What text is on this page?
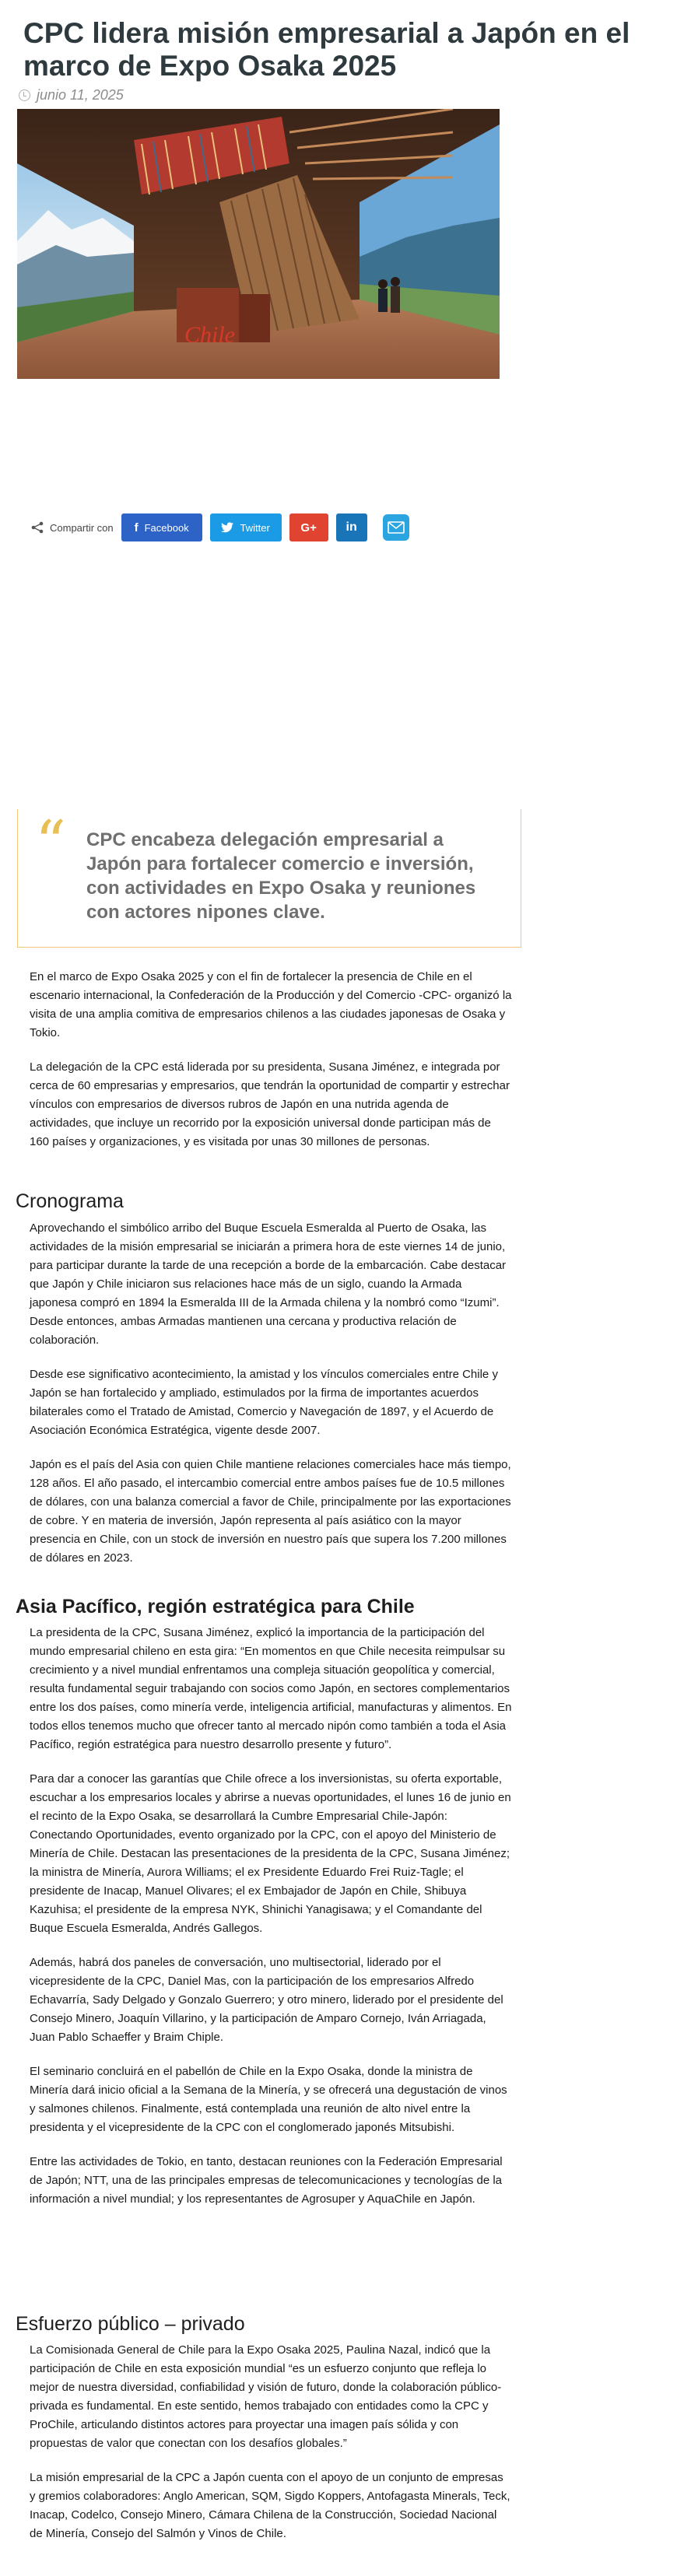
CPC lidera misión empresarial a Japón en el marco de Expo Osaka 2025
junio 11, 2025
Chile
Compartir con f Facebook	Twitter	G+ in
“ CPC encabeza delegación empresarial a Japón para fortalecer comercio e inversión, con actividades en Expo Osaka y reuniones con actores nipones clave.

En el marco de Expo Osaka 2025 y con el fin de fortalecer la presencia de Chile en el escenario internacional, la Confederación de la Producción y del Comercio -CPC- organizó la visita de una amplia comitiva de empresarios chilenos a las ciudades japonesas de Osaka y Tokio.

La delegación de la CPC está liderada por su presidenta, Susana Jiménez, e integrada por cerca de 60 empresarias y empresarios, que tendrán la oportunidad de compartir y estrechar vínculos con empresarios de diversos rubros de Japón en una nutrida agenda de actividades, que incluye un recorrido por la exposición universal donde participan más de 160 países y organizaciones, y es visitada por unas 30 millones de personas.

Cronograma

Aprovechando el simbólico arribo del Buque Escuela Esmeralda al Puerto de Osaka, las actividades de la misión empresarial se iniciarán a primera hora de este viernes 14 de junio, para participar durante la tarde de una recepción a borde de la embarcación. Cabe destacar que Japón y Chile iniciaron sus relaciones hace más de un siglo, cuando la Armada japonesa compró en 1894 la Esmeralda III de la Armada chilena y la nombró como “Izumi”. Desde entonces, ambas Armadas mantienen una cercana y productiva relación de colaboración.

Desde ese significativo acontecimiento, la amistad y los vínculos comerciales entre Chile y Japón se han fortalecido y ampliado, estimulados por la firma de importantes acuerdos bilaterales como el Tratado de Amistad, Comercio y Navegación de 1897, y el Acuerdo de Asociación Económica Estratégica, vigente desde 2007.

Japón es el país del Asia con quien Chile mantiene relaciones comerciales hace más tiempo, 128 años. El año pasado, el intercambio comercial entre ambos países fue de 10.5 millones de dólares, con una balanza comercial a favor de Chile, principalmente por las exportaciones de cobre. Y en materia de inversión, Japón representa al país asiático con la mayor presencia en Chile, con un stock de inversión en nuestro país que supera los 7.200 millones de dólares en 2023.

Asia Pacífico, región estratégica para Chile

La presidenta de la CPC, Susana Jiménez, explicó la importancia de la participación del mundo empresarial chileno en esta gira: “En momentos en que Chile necesita reimpulsar su crecimiento y a nivel mundial enfrentamos una compleja situación geopolítica y comercial, resulta fundamental seguir trabajando con socios como Japón, en sectores complementarios entre los dos países, como minería verde, inteligencia artificial, manufacturas y alimentos. En todos ellos tenemos mucho que ofrecer tanto al mercado nipón como también a toda el Asia Pacífico, región estratégica para nuestro desarrollo presente y futuro”.

Para dar a conocer las garantías que Chile ofrece a los inversionistas, su oferta exportable, escuchar a los empresarios locales y abrirse a nuevas oportunidades, el lunes 16 de junio en el recinto de la Expo Osaka, se desarrollará la Cumbre Empresarial Chile-Japón: Conectando Oportunidades, evento organizado por la CPC, con el apoyo del Ministerio de Minería de Chile. Destacan las presentaciones de la presidenta de la CPC, Susana Jiménez; la ministra de Minería, Aurora Williams; el ex Presidente Eduardo Frei Ruiz-Tagle; el presidente de Inacap, Manuel Olivares; el ex Embajador de Japón en Chile, Shibuya Kazuhisa; el presidente de la empresa NYK, Shinichi Yanagisawa; y el Comandante del Buque Escuela Esmeralda, Andrés Gallegos.

Además, habrá dos paneles de conversación, uno multisectorial, liderado por el vicepresidente de la CPC, Daniel Mas, con la participación de los empresarios Alfredo Echavarría, Sady Delgado y Gonzalo Guerrero; y otro minero, liderado por el presidente del Consejo Minero, Joaquín Villarino, y la participación de Amparo Cornejo, Iván Arriagada, Juan Pablo Schaeffer y Braim Chiple.

El seminario concluirá en el pabellón de Chile en la Expo Osaka, donde la ministra de Minería dará inicio oficial a la Semana de la Minería, y se ofrecerá una degustación de vinos y salmones chilenos. Finalmente, está contemplada una reunión de alto nivel entre la presidenta y el vicepresidente de la CPC con el conglomerado japonés Mitsubishi.

Entre las actividades de Tokio, en tanto, destacan reuniones con la Federación Empresarial de Japón; NTT, una de las principales empresas de telecomunicaciones y tecnologías de la información a nivel mundial; y los representantes de Agrosuper y AquaChile en Japón.

Esfuerzo público – privado

La Comisionada General de Chile para la Expo Osaka 2025, Paulina Nazal, indicó que la participación de Chile en esta exposición mundial “es un esfuerzo conjunto que refleja lo mejor de nuestra diversidad, confiabilidad y visión de futuro, donde la colaboración público-privada es fundamental. En este sentido, hemos trabajado con entidades como la CPC y ProChile, articulando distintos actores para proyectar una imagen país sólida y con propuestas de valor que conectan con los desafíos globales.”

La misión empresarial de la CPC a Japón cuenta con el apoyo de un conjunto de empresas y gremios colaboradores: Anglo American, SQM, Sigdo Koppers, Antofagasta Minerals, Teck, Inacap, Codelco, Consejo Minero, Cámara Chilena de la Construcción, Sociedad Nacional de Minería, Consejo del Salmón y Vinos de Chile.
